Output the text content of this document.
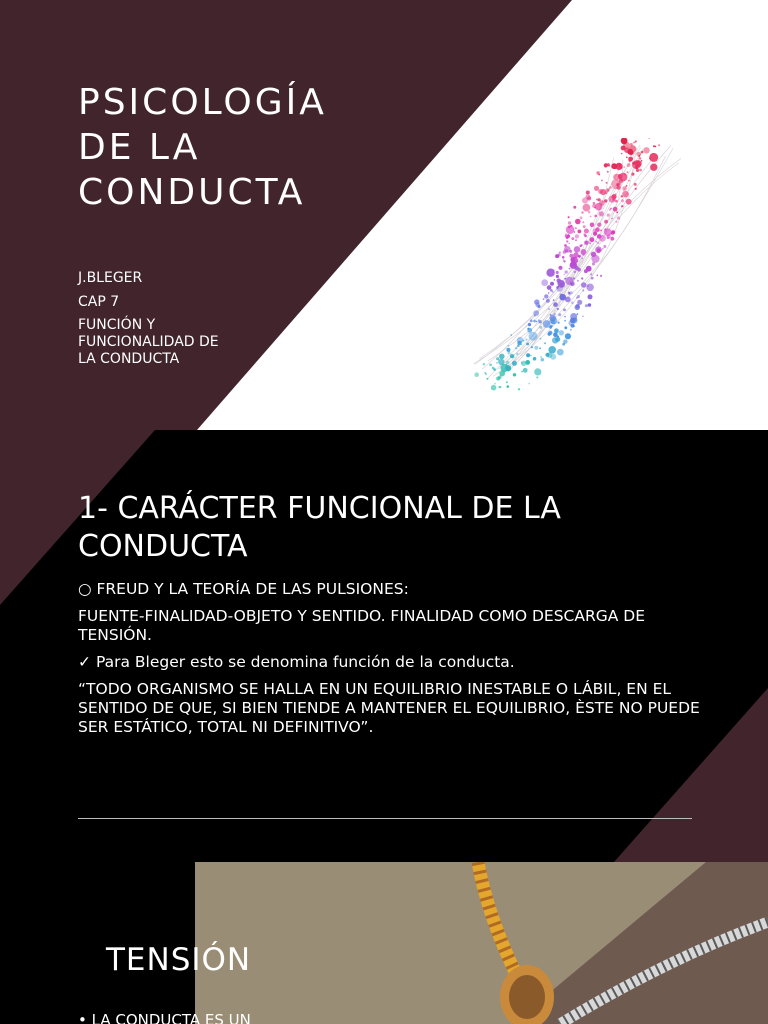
PSICOLOGÍA
DE LA
CONDUCTA
J.BLEGER
CAP 7
FUNCIÓN Y FUNCIONALIDAD DE LA CONDUCTA
1- CARÁCTER FUNCIONAL DE LA CONDUCTA

○ FREUD Y LA TEORÍA DE LAS PULSIONES:

FUENTE-FINALIDAD-OBJETO Y SENTIDO. FINALIDAD COMO DESCARGA DE TENSIÓN.

✓ Para Bleger esto se denomina función de la conducta.

“TODO ORGANISMO SE HALLA EN UN EQUILIBRIO INESTABLE O LÁBIL, EN EL SENTIDO DE QUE, SI BIEN TIENDE A MANTENER EL EQUILIBRIO, ÈSTE NO PUEDE SER ESTÁTICO, TOTAL NI DEFINITIVO”.

TENSIÓN
• LA CONDUCTA ES UN
